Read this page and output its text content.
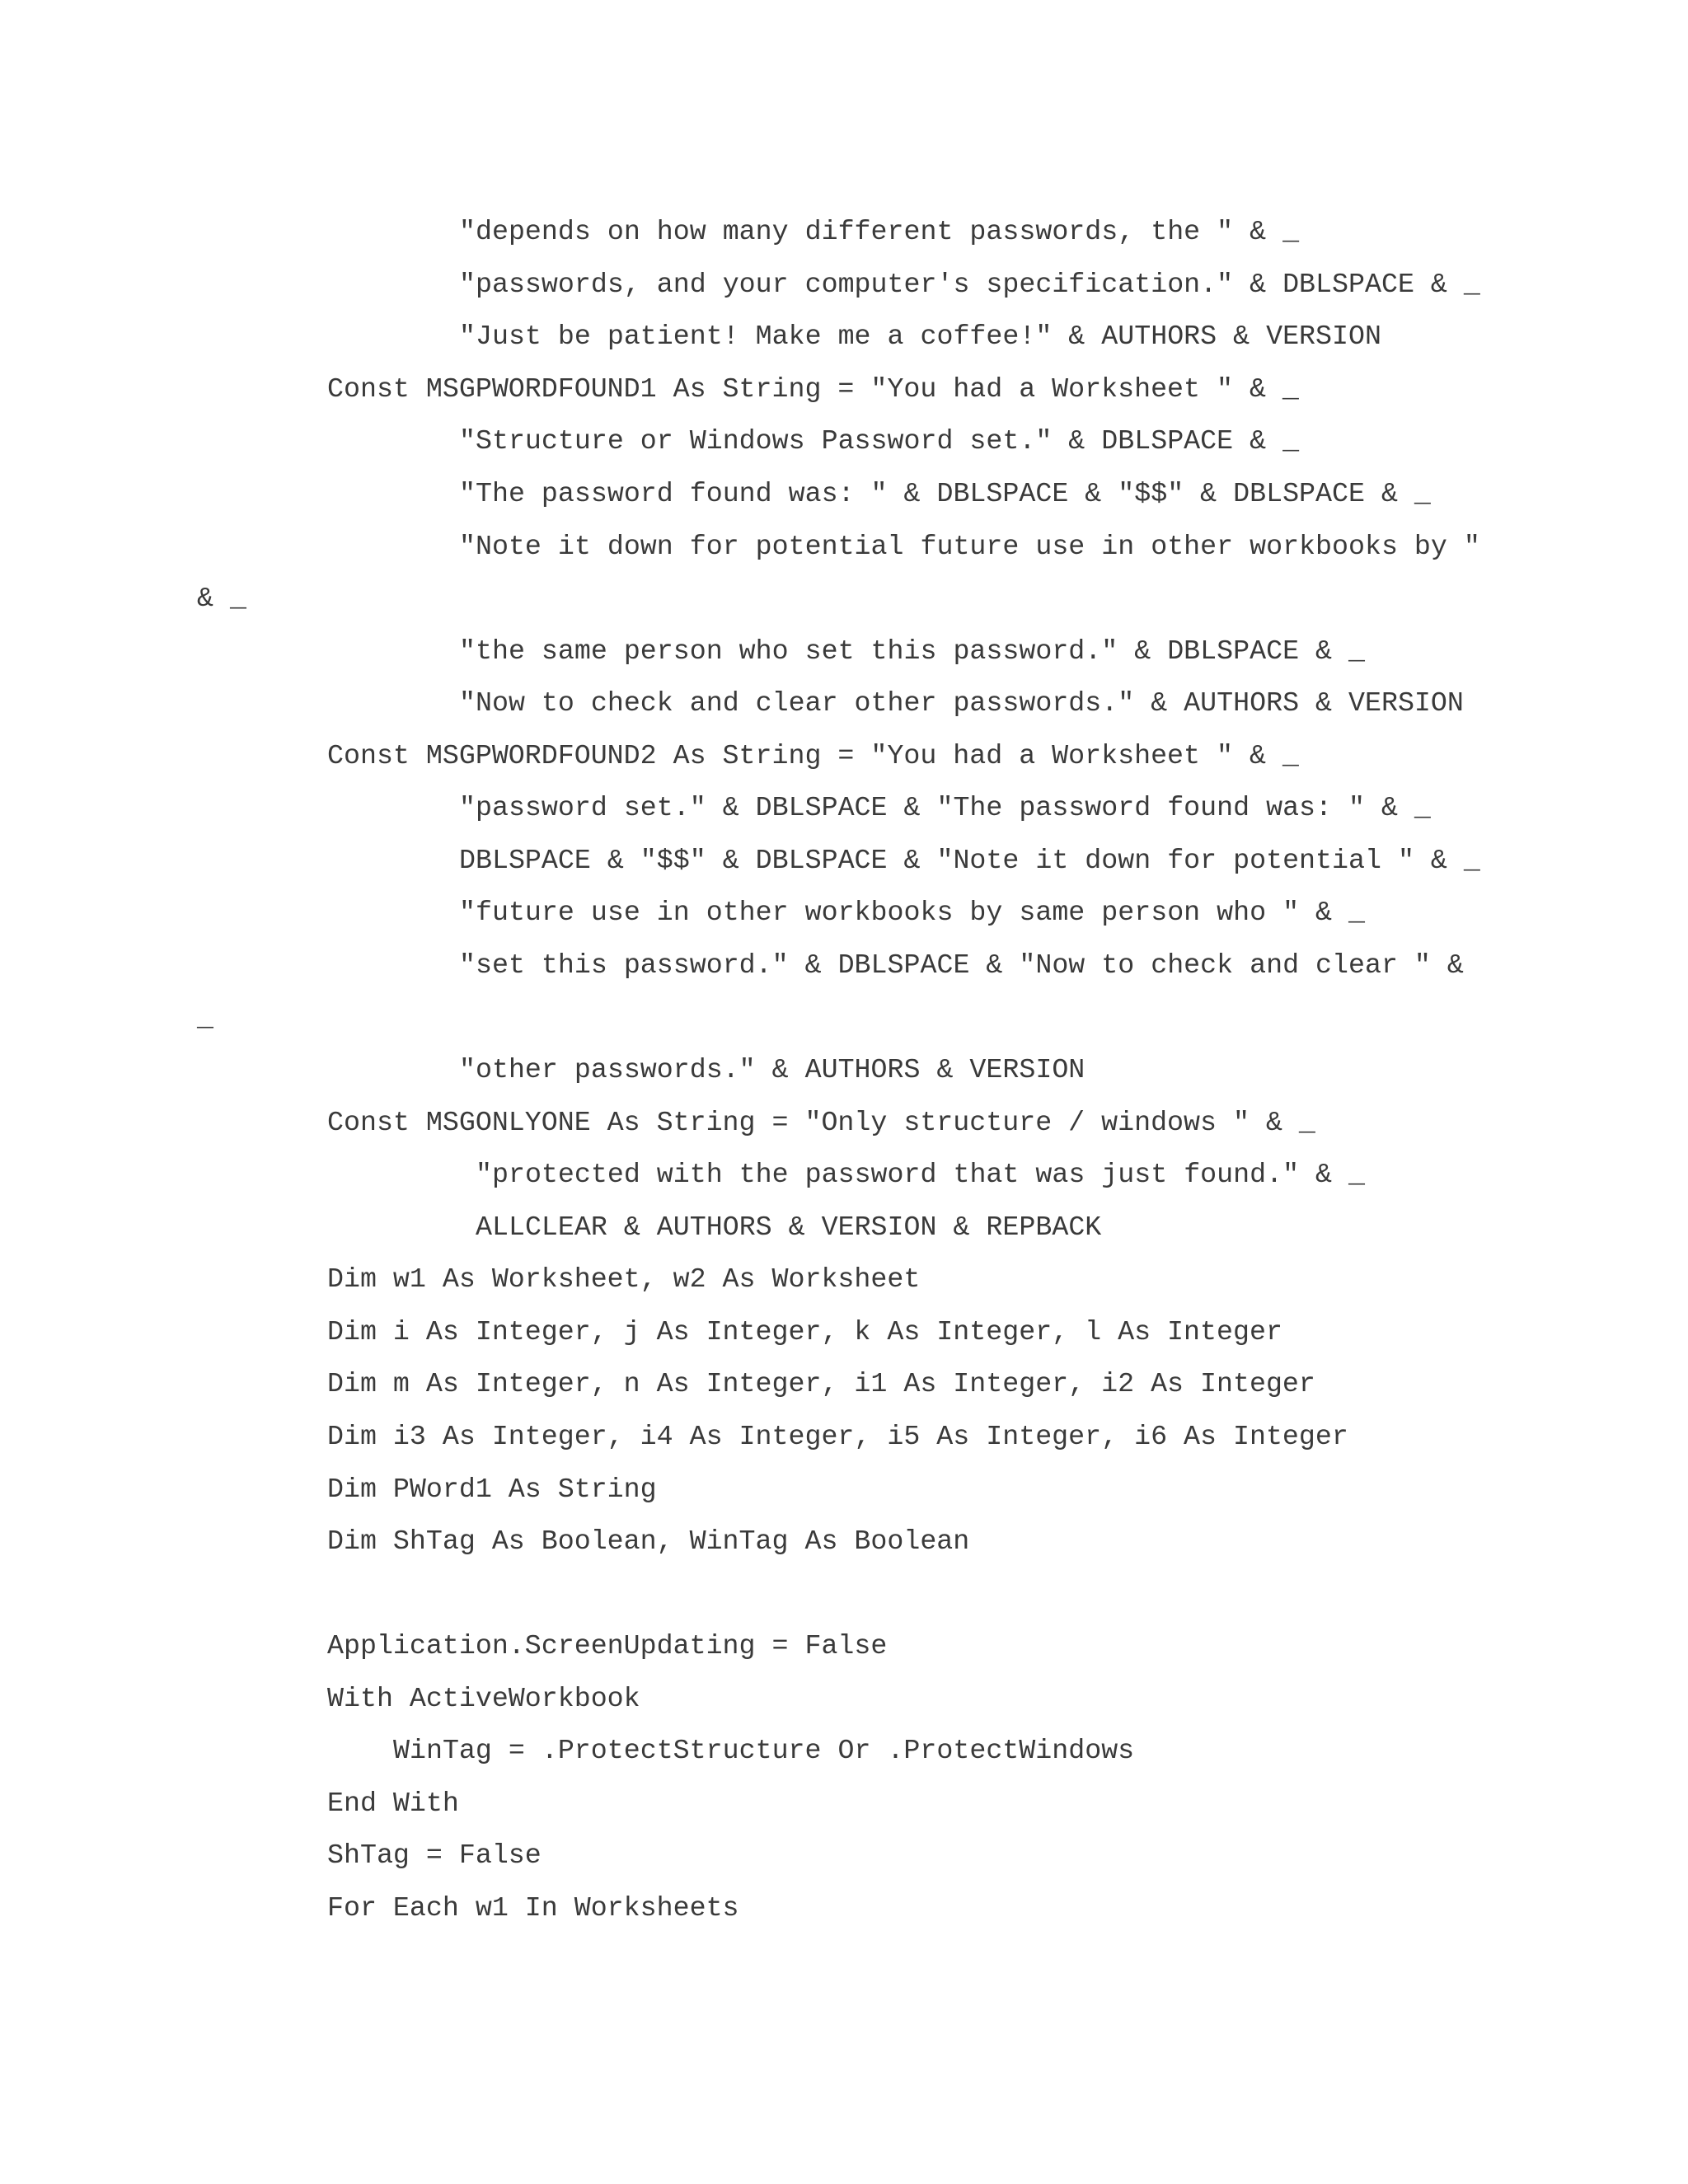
"depends on how many different passwords, the " & _
"passwords, and your computer's specification." & DBLSPACE & _
"Just be patient! Make me a coffee!" & AUTHORS & VERSION
Const MSGPWORDFOUND1 As String = "You had a Worksheet " & _
"Structure or Windows Password set." & DBLSPACE & _
"The password found was: " & DBLSPACE & "$$" & DBLSPACE & _
"Note it down for potential future use in other workbooks by "
& _
"the same person who set this password." & DBLSPACE & _
"Now to check and clear other passwords." & AUTHORS & VERSION
Const MSGPWORDFOUND2 As String = "You had a Worksheet " & _
"password set." & DBLSPACE & "The password found was: " & _
DBLSPACE & "$$" & DBLSPACE & "Note it down for potential " & _
"future use in other workbooks by same person who " & _
"set this password." & DBLSPACE & "Now to check and clear " &
_
"other passwords." & AUTHORS & VERSION
Const MSGONLYONE As String = "Only structure / windows " & _
"protected with the password that was just found." & _
ALLCLEAR & AUTHORS & VERSION & REPBACK
Dim w1 As Worksheet, w2 As Worksheet
Dim i As Integer, j As Integer, k As Integer, l As Integer
Dim m As Integer, n As Integer, i1 As Integer, i2 As Integer
Dim i3 As Integer, i4 As Integer, i5 As Integer, i6 As Integer
Dim PWord1 As String
Dim ShTag As Boolean, WinTag As Boolean
Application.ScreenUpdating = False
With ActiveWorkbook
WinTag = .ProtectStructure Or .ProtectWindows
End With
ShTag = False
For Each w1 In Worksheets
